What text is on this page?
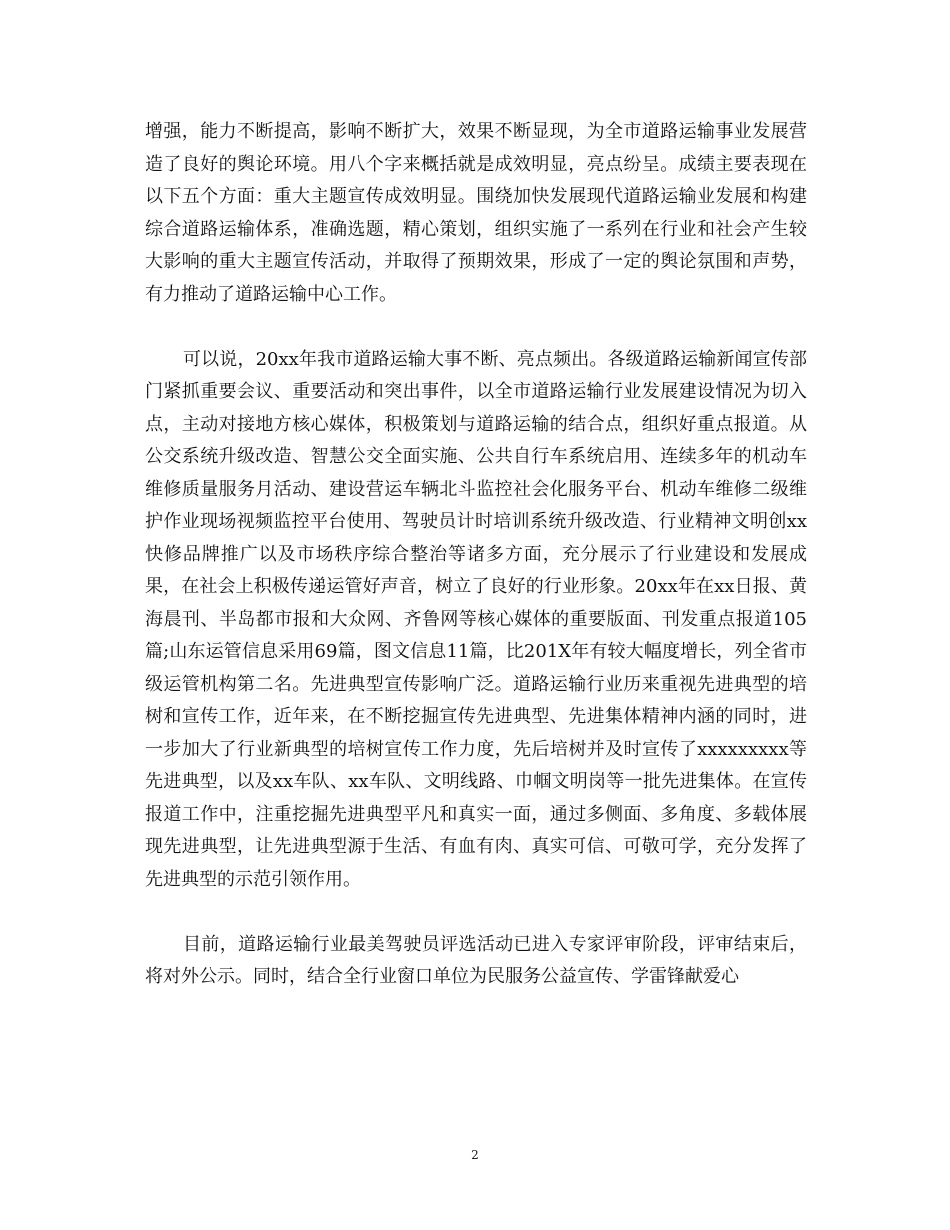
增强，能力不断提高，影响不断扩大，效果不断显现，为全市道路运输事业发展营造了良好的舆论环境。用八个字来概括就是成效明显，亮点纷呈。成绩主要表现在以下五个方面：重大主题宣传成效明显。围绕加快发展现代道路运输业发展和构建综合道路运输体系，准确选题，精心策划，组织实施了一系列在行业和社会产生较大影响的重大主题宣传活动，并取得了预期效果，形成了一定的舆论氛围和声势，有力推动了道路运输中心工作。

可以说，20xx年我市道路运输大事不断、亮点频出。各级道路运输新闻宣传部门紧抓重要会议、重要活动和突出事件，以全市道路运输行业发展建设情况为切入点，主动对接地方核心媒体，积极策划与道路运输的结合点，组织好重点报道。从公交系统升级改造、智慧公交全面实施、公共自行车系统启用、连续多年的机动车维修质量服务月活动、建设营运车辆北斗监控社会化服务平台、机动车维修二级维护作业现场视频监控平台使用、驾驶员计时培训系统升级改造、行业精神文明创xx快修品牌推广以及市场秩序综合整治等诸多方面，充分展示了行业建设和发展成果，在社会上积极传递运管好声音，树立了良好的行业形象。20xx年在xx日报、黄海晨刊、半岛都市报和大众网、齐鲁网等核心媒体的重要版面、刊发重点报道105篇;山东运管信息采用69篇，图文信息11篇，比201X年有较大幅度增长，列全省市级运管机构第二名。先进典型宣传影响广泛。道路运输行业历来重视先进典型的培树和宣传工作，近年来，在不断挖掘宣传先进典型、先进集体精神内涵的同时，进一步加大了行业新典型的培树宣传工作力度，先后培树并及时宣传了xxxxxxxxx等先进典型，以及xx车队、xx车队、文明线路、巾帼文明岗等一批先进集体。在宣传报道工作中，注重挖掘先进典型平凡和真实一面，通过多侧面、多角度、多载体展现先进典型，让先进典型源于生活、有血有肉、真实可信、可敬可学，充分发挥了先进典型的示范引领作用。

目前，道路运输行业最美驾驶员评选活动已进入专家评审阶段，评审结束后，将对外公示。同时，结合全行业窗口单位为民服务公益宣传、学雷锋献爱心

2
